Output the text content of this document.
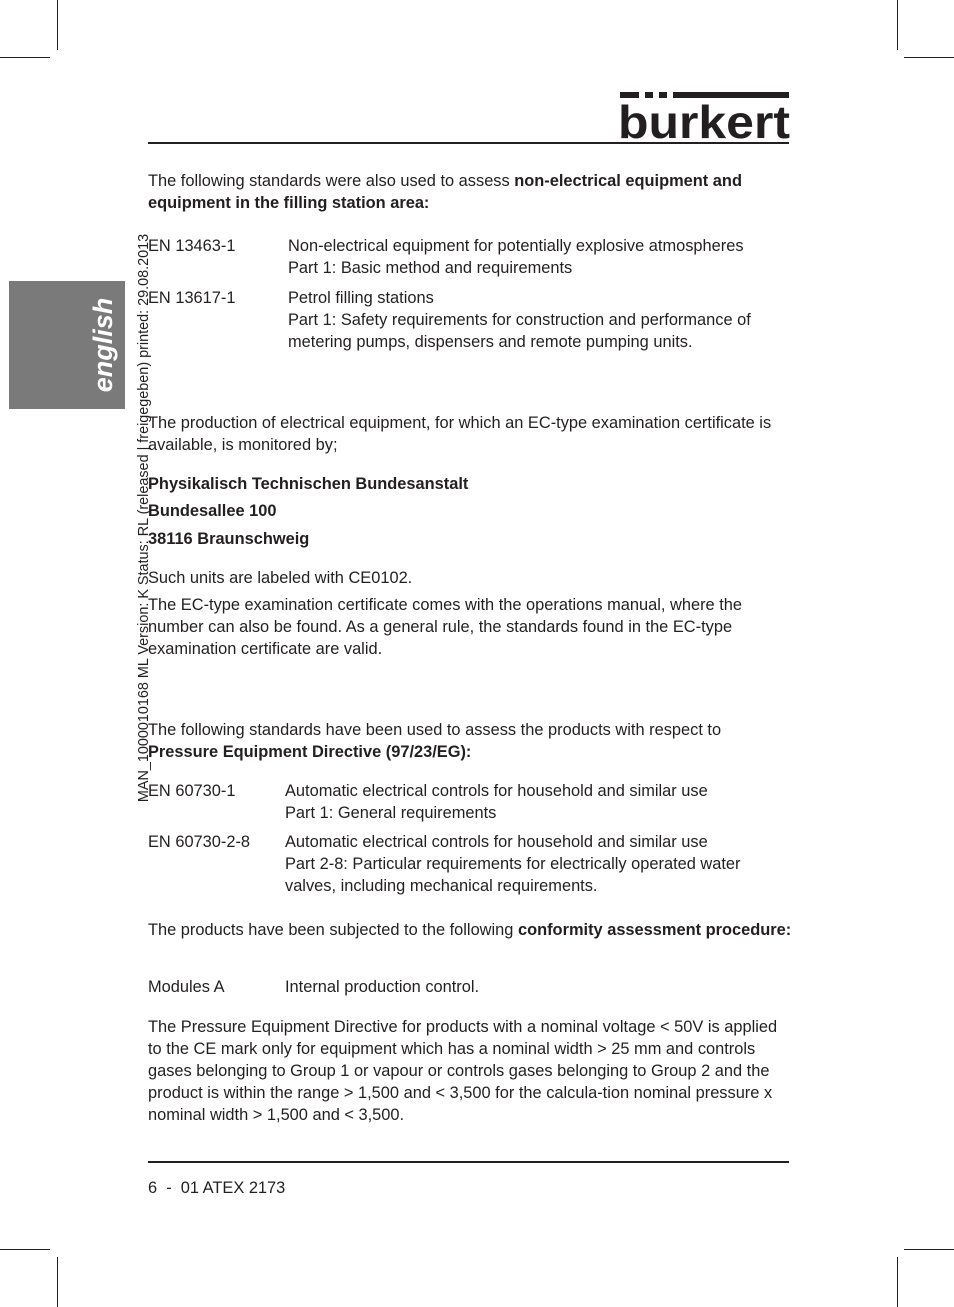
burkert
english MAN_1000010168 ML Version: K Status: RL (released | freigegeben) printed: 29.08.2013

The following standards were also used to assess non-electrical equipment and equipment in the filling station area:

EN 13463-1	Non-electrical equipment for potentially explosive atmospheres
Part 1: Basic method and requirements
EN 13617-1	Petrol filling stations
Part 1: Safety requirements for construction and performance of metering pumps, dispensers and remote pumping units.

The production of electrical equipment, for which an EC-type examination certificate is available, is monitored by;

Physikalisch Technischen Bundesanstalt
Bundesallee 100
38116 Braunschweig

Such units are labeled with CE0102.

The EC-type examination certificate comes with the operations manual, where the number can also be found. As a general rule, the standards found in the EC-type examination certificate are valid.

The following standards have been used to assess the products with respect to Pressure Equipment Directive (97/23/EG):

EN 60730-1	Automatic electrical controls for household and similar use
Part 1: General requirements
EN 60730-2-8 Automatic electrical controls for household and similar use
Part 2-8: Particular requirements for electrically operated water valves, including mechanical requirements.

The products have been subjected to the following conformity assessment procedure:

Modules A	Internal production control.

The Pressure Equipment Directive for products with a nominal voltage < 50V is applied to the CE mark only for equipment which has a nominal width > 25 mm and controls gases belonging to Group 1 or vapour or controls gases belonging to Group 2 and the product is within the range > 1,500 and < 3,500 for the calcula-tion nominal pressure x nominal width > 1,500 and < 3,500.

6  -  01 ATEX 2173
